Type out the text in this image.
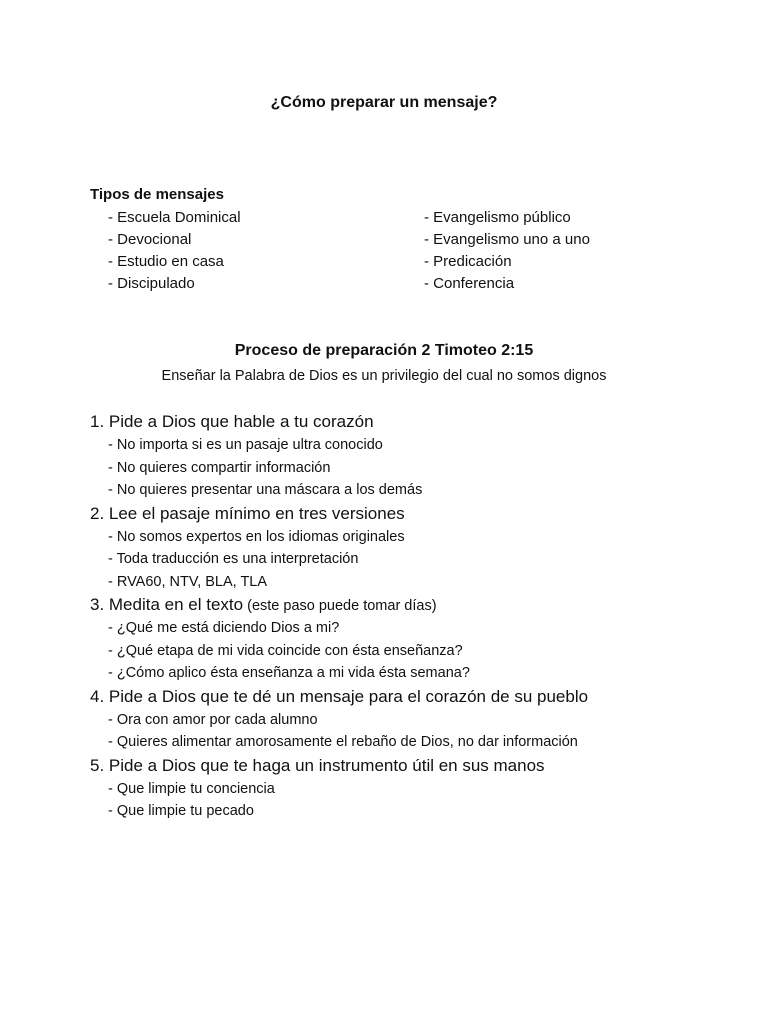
¿Cómo preparar un mensaje?
Tipos de mensajes
- Escuela Dominical
- Devocional
- Estudio en casa
- Discipulado
- Evangelismo público
- Evangelismo uno a uno
- Predicación
- Conferencia
Proceso de preparación 2 Timoteo 2:15
Enseñar la Palabra de Dios es un privilegio del cual no somos dignos
1. Pide a Dios que hable a tu corazón
- No importa si es un pasaje ultra conocido
- No quieres compartir información
- No quieres presentar una máscara a los demás
2. Lee el pasaje mínimo en tres versiones
- No somos expertos en los idiomas originales
- Toda traducción es una interpretación
- RVA60, NTV, BLA, TLA
3. Medita en el texto (este paso puede tomar días)
- ¿Qué me está diciendo Dios a mi?
- ¿Qué etapa de mi vida coincide con ésta enseñanza?
- ¿Cómo aplico ésta enseñanza a mi vida ésta semana?
4. Pide a Dios que te dé un mensaje para el corazón de su pueblo
- Ora con amor por cada alumno
- Quieres alimentar amorosamente el rebaño de Dios, no dar información
5. Pide a Dios que te haga un instrumento útil en sus manos
- Que limpie tu conciencia
- Que limpie tu pecado
